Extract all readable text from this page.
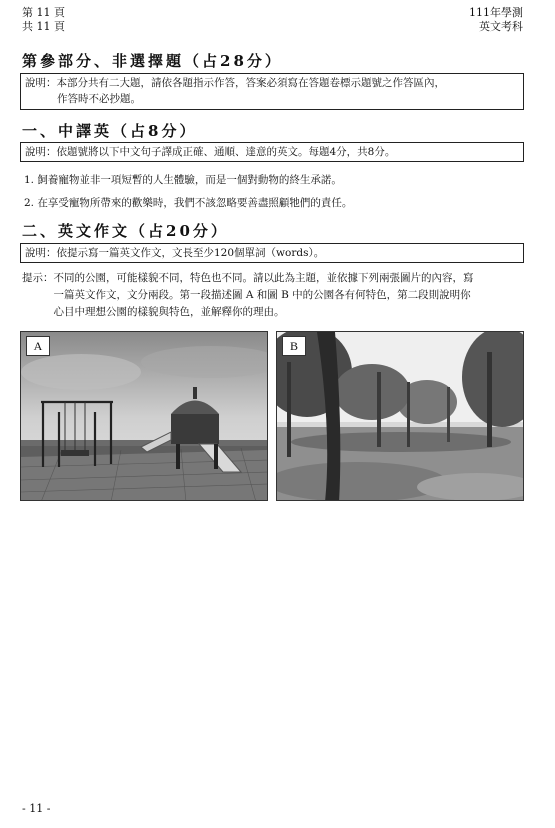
第 11 頁
共 11 頁
111年學測
英文考科
第參部分、非選擇題（占28分）
說明：本部分共有二大題，請依各題指示作答，答案必須寫在答題卷標示題號之作答區內，
作答時不必抄題。
一、中譯英（占8分）
說明：依題號將以下中文句子譯成正確、通順、達意的英文。每題4分，共8分。
1. 飼養寵物並非一項短暫的人生體驗，而是一個對動物的終生承諾。
2. 在享受寵物所帶來的歡樂時，我們不該忽略要善盡照顧牠們的責任。
二、英文作文（占20分）
說明：依提示寫一篇英文作文，文長至少120個單詞（words）。
提示： 不同的公園，可能樣貌不同，特色也不同。請以此為主題，並依據下列兩張圖片的內容，寫
一篇英文作文，文分兩段。第一段描述圖 A 和圖 B 中的公園各有何特色，第二段則說明你
心目中理想公園的樣貌與特色，並解釋你的理由。
A	B
- 11 -
